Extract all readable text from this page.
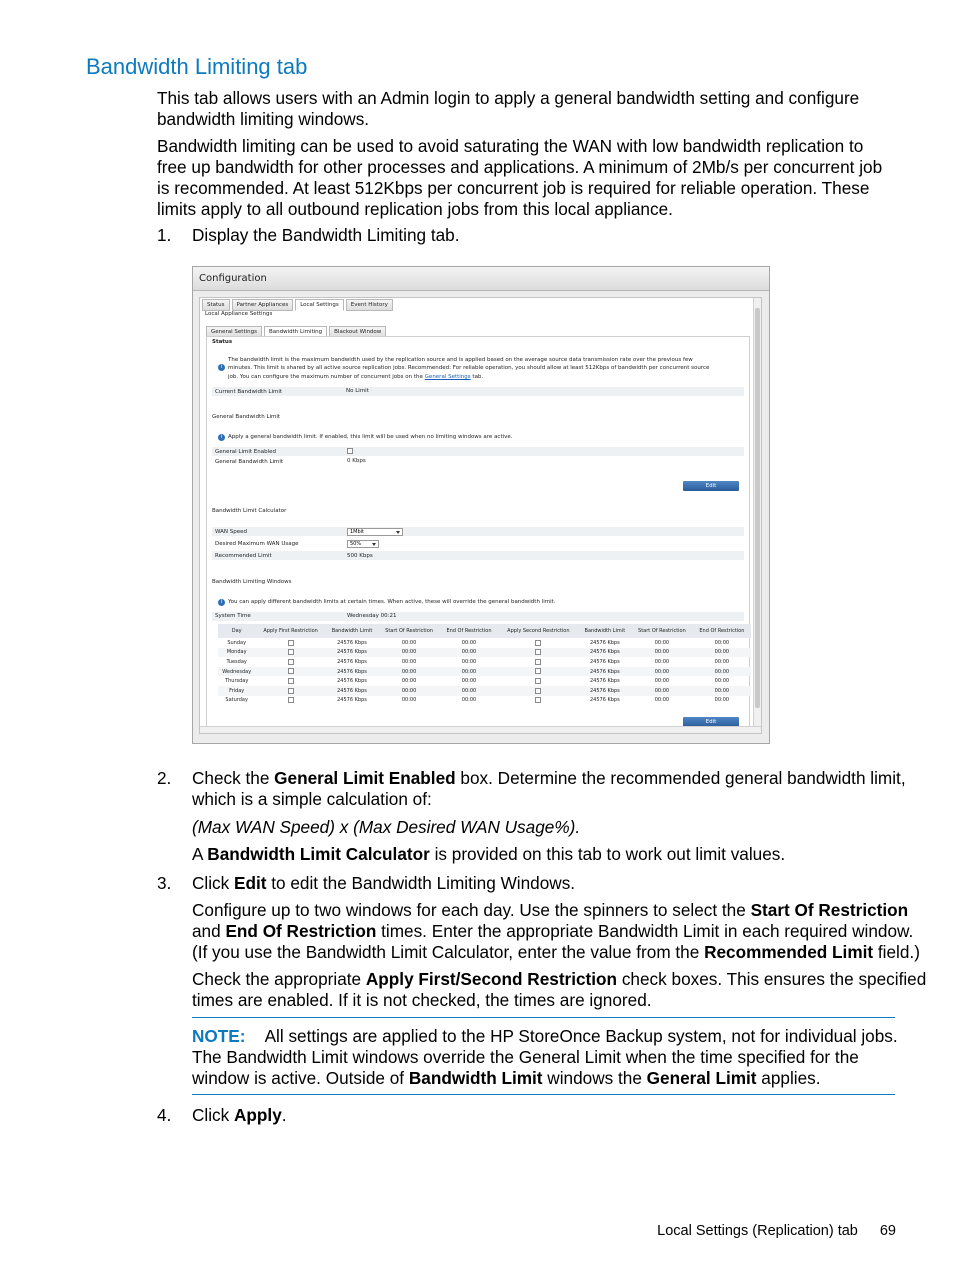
Bandwidth Limiting tab
This tab allows users with an Admin login to apply a general bandwidth setting and configure
bandwidth limiting windows.
Bandwidth limiting can be used to avoid saturating the WAN with low bandwidth replication to
free up bandwidth for other processes and applications. A minimum of 2Mb/s per concurrent job
is recommended. At least 512Kbps per concurrent job is required for reliable operation. These
limits apply to all outbound replication jobs from this local appliance.
1. Display the Bandwidth Limiting tab.
Configuration
Status	Partner Appliances	Local Settings	Event History
Local Appliance Settings
General Settings	Bandwidth Limiting	Blackout Window
Status
i
The bandwidth limit is the maximum bandwidth used by the replication source and is applied based on the average source data transmission rate over the previous few
minutes. This limit is shared by all active source replication jobs. Recommended: For reliable operation, you should allow at least 512Kbps of bandwidth per concurrent source
job. You can configure the maximum number of concurrent jobs on the General Settings tab.
Current Bandwidth Limit	No Limit
General Bandwidth Limit
i	Apply a general bandwidth limit. If enabled, this limit will be used when no limiting windows are active.
General Limit Enabled
General Bandwidth Limit	0 Kbps
Edit
Bandwidth Limit Calculator
WAN Speed	1Mbit
Desired Maximum WAN Usage	50%
Recommended Limit	500 Kbps
Bandwidth Limiting Windows
i	You can apply different bandwidth limits at certain times. When active, these will override the general bandwidth limit.
System Time	Wednesday 00:21
Day	Apply First Restriction	Bandwidth Limit	Start Of Restriction	End Of Restriction	Apply Second Restriction	Bandwidth Limit	Start Of Restriction	End Of Restriction
Sunday		24576 Kbps	00:00	00:00		24576 Kbps	00:00	00:00
Monday		24576 Kbps	00:00	00:00		24576 Kbps	00:00	00:00
Tuesday		24576 Kbps	00:00	00:00		24576 Kbps	00:00	00:00
Wednesday		24576 Kbps	00:00	00:00		24576 Kbps	00:00	00:00
Thursday		24576 Kbps	00:00	00:00		24576 Kbps	00:00	00:00
Friday		24576 Kbps	00:00	00:00		24576 Kbps	00:00	00:00
Saturday		24576 Kbps	00:00	00:00		24576 Kbps	00:00	00:00
Edit
2. Check the General Limit Enabled box. Determine the recommended general bandwidth limit,
which is a simple calculation of:
(Max WAN Speed) x (Max Desired WAN Usage%).
A Bandwidth Limit Calculator is provided on this tab to work out limit values.
3. Click Edit to edit the Bandwidth Limiting Windows.
Configure up to two windows for each day. Use the spinners to select the Start Of Restriction
and End Of Restriction times. Enter the appropriate Bandwidth Limit in each required window.
(If you use the Bandwidth Limit Calculator, enter the value from the Recommended Limit field.)
Check the appropriate Apply First/Second Restriction check boxes. This ensures the specified
times are enabled. If it is not checked, the times are ignored.
NOTE: All settings are applied to the HP StoreOnce Backup system, not for individual jobs.
The Bandwidth Limit windows override the General Limit when the time specified for the
window is active. Outside of Bandwidth Limit windows the General Limit applies.
4. Click Apply.
Local Settings (Replication) tab 69
